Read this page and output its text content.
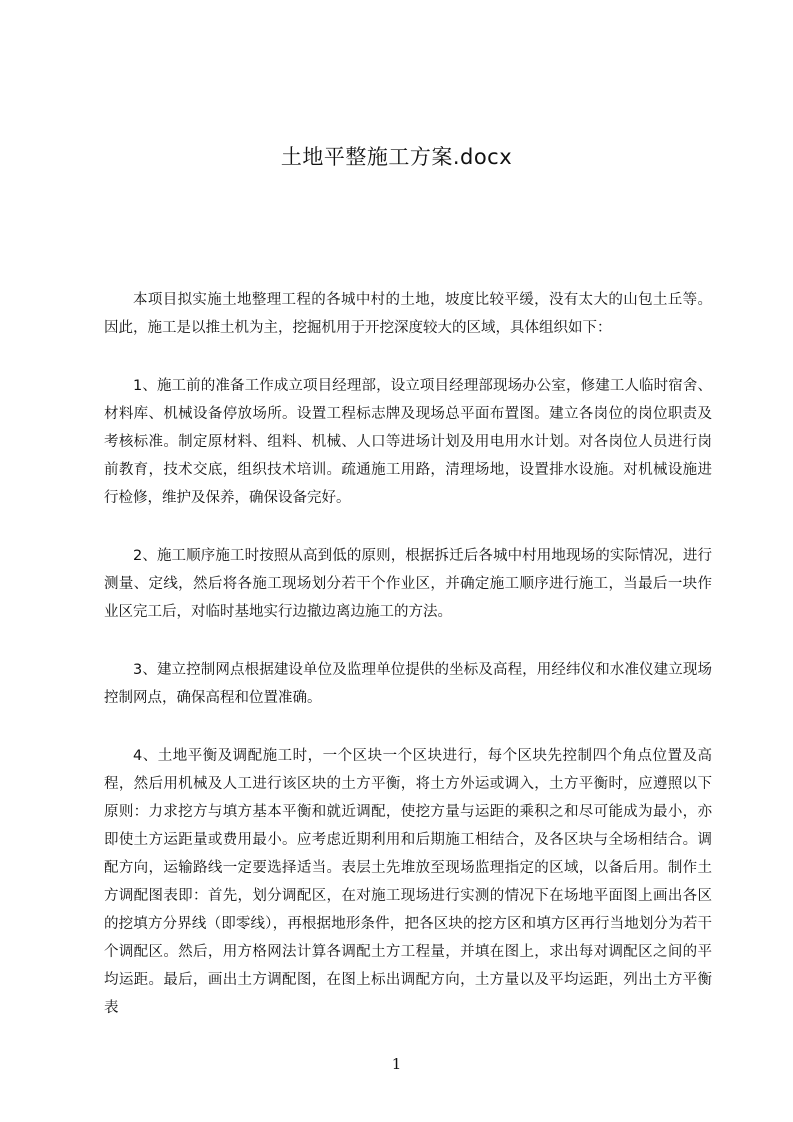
土地平整施工方案.docx

本项目拟实施土地整理工程的各城中村的土地，坡度比较平缓，没有太大的山包土丘等。因此，施工是以推土机为主，挖掘机用于开挖深度较大的区域，具体组织如下：

1、施工前的准备工作成立项目经理部，设立项目经理部现场办公室，修建工人临时宿舍、材料库、机械设备停放场所。设置工程标志牌及现场总平面布置图。建立各岗位的岗位职责及考核标准。制定原材料、组料、机械、人口等进场计划及用电用水计划。对各岗位人员进行岗前教育，技术交底，组织技术培训。疏通施工用路，清理场地，设置排水设施。对机械设施进行检修，维护及保养，确保设备完好。

2、施工顺序施工时按照从高到低的原则，根据拆迁后各城中村用地现场的实际情况，进行测量、定线，然后将各施工现场划分若干个作业区，并确定施工顺序进行施工，当最后一块作业区完工后，对临时基地实行边撤边离边施工的方法。

3、建立控制网点根据建设单位及监理单位提供的坐标及高程，用经纬仪和水准仪建立现场控制网点，确保高程和位置准确。

4、土地平衡及调配施工时，一个区块一个区块进行，每个区块先控制四个角点位置及高程，然后用机械及人工进行该区块的土方平衡，将土方外运或调入，土方平衡时，应遵照以下原则：力求挖方与填方基本平衡和就近调配，使挖方量与运距的乘积之和尽可能成为最小，亦即使土方运距量或费用最小。应考虑近期利用和后期施工相结合，及各区块与全场相结合。调配方向，运输路线一定要选择适当。表层土先堆放至现场监理指定的区域，以备后用。制作土方调配图表即：首先，划分调配区，在对施工现场进行实测的情况下在场地平面图上画出各区的挖填方分界线（即零线），再根据地形条件，把各区块的挖方区和填方区再行当地划分为若干个调配区。然后，用方格网法计算各调配土方工程量，并填在图上，求出每对调配区之间的平均运距。最后，画出土方调配图，在图上标出调配方向，土方量以及平均运距，列出土方平衡表

1
